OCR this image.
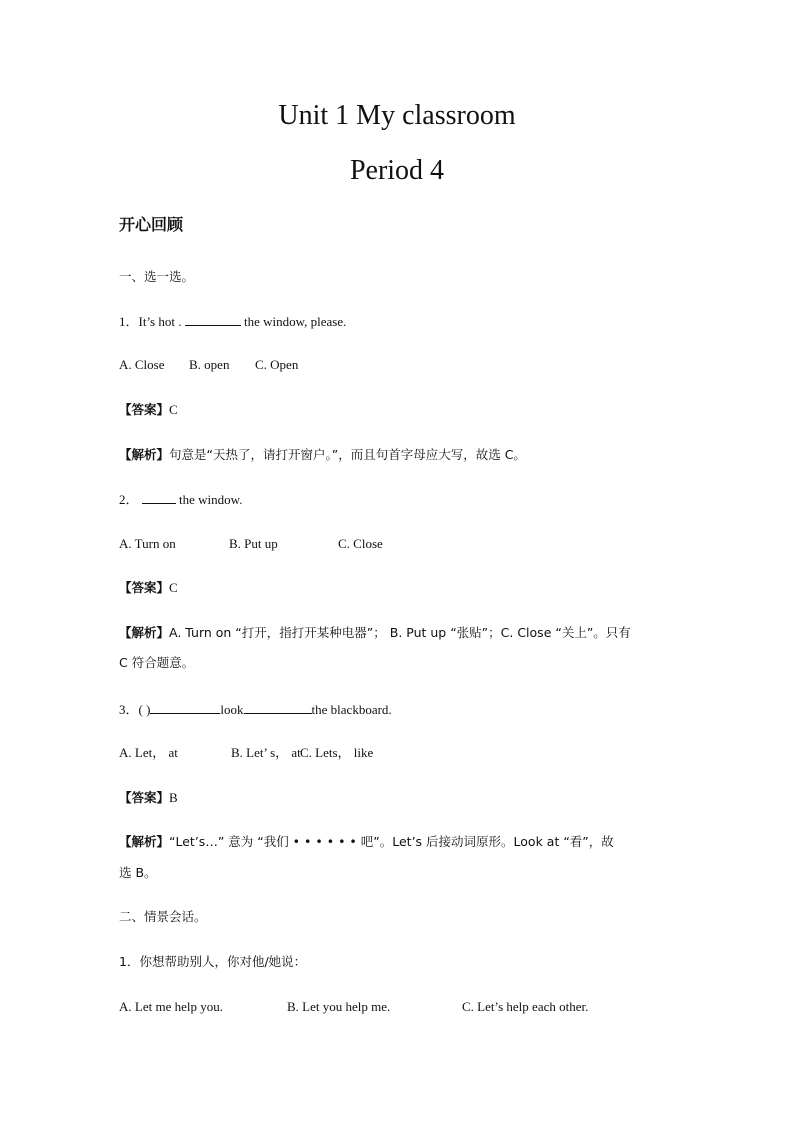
Unit 1 My classroom
Period 4
开心回顾
一、选一选。
1．It’s hot .	the window, please.
A. Close B. open C. Open
【答案】C
【解析】句意是“天热了，请打开窗户。”，而且句首字母应大写，故选 C。
2．	the window.
A. Turn on	B. Put up	C. Close
【答案】C
【解析】A. Turn on “打开，指打开某种电器”； B. Put up “张贴”；C. Close “关上”。只有
C 符合题意。
3．( )	look	the blackboard.
A. Let， at	B. Let’ s， atC. Lets， like
【答案】B
【解析】“Let’s…” 意为 “我们 • • • • • • 吧”。Let’s 后接动词原形。Look at “看”，故
选 B。
二、情景会话。
1．你想帮助别人，你对他/她说：
A. Let me help you.	B. Let you help me.	C. Let’s help each other.
